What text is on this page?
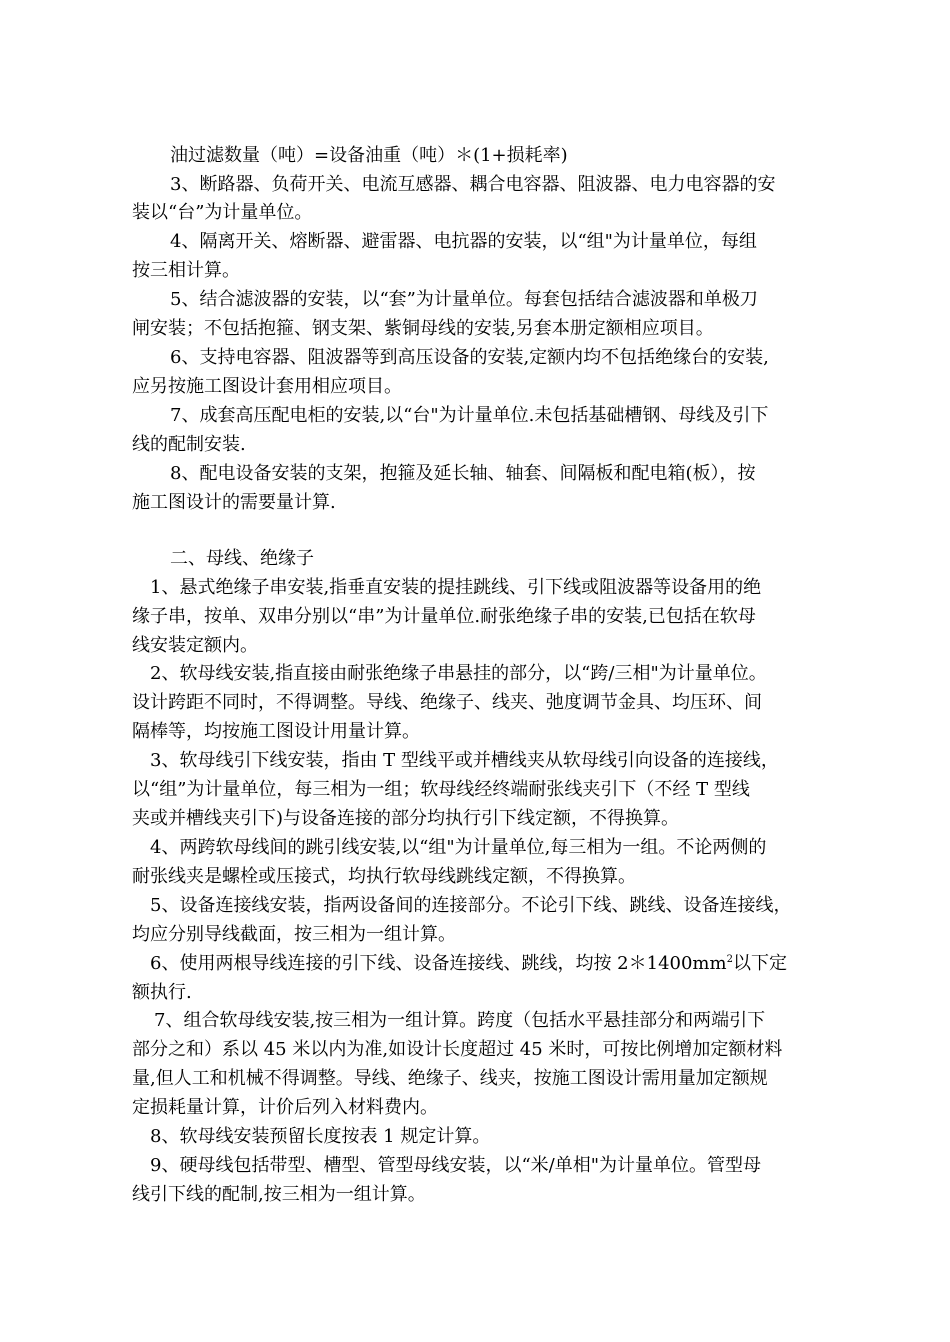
油过滤数量（吨）=设备油重（吨）＊(1+损耗率)
3、断路器、负荷开关、电流互感器、耦合电容器、阻波器、电力电容器的安
装以“台”为计量单位。
4、隔离开关、熔断器、避雷器、电抗器的安装，以“组"为计量单位，每组
按三相计算。
5、结合滤波器的安装，以“套”为计量单位。每套包括结合滤波器和单极刀
闸安装；不包括抱箍、钢支架、紫铜母线的安装,另套本册定额相应项目。
6、支持电容器、阻波器等到高压设备的安装,定额内均不包括绝缘台的安装,
应另按施工图设计套用相应项目。
7、成套高压配电柜的安装,以“台"为计量单位.未包括基础槽钢、母线及引下
线的配制安装.
8、配电设备安装的支架，抱箍及延长轴、轴套、间隔板和配电箱(板），按
施工图设计的需要量计算.
二、母线、绝缘子
1、悬式绝缘子串安装,指垂直安装的提挂跳线、引下线或阻波器等设备用的绝
缘子串，按单、双串分别以“串”为计量单位.耐张绝缘子串的安装,已包括在软母
线安装定额内。
2、软母线安装,指直接由耐张绝缘子串悬挂的部分，以“跨/三相"为计量单位。
设计跨距不同时，不得调整。导线、绝缘子、线夹、弛度调节金具、均压环、间
隔棒等，均按施工图设计用量计算。
3、软母线引下线安装，指由 T 型线平或并槽线夹从软母线引向设备的连接线，
以“组”为计量单位，每三相为一组；软母线经终端耐张线夹引下（不经 T 型线
夹或并槽线夹引下)与设备连接的部分均执行引下线定额，不得换算。
4、两跨软母线间的跳引线安装,以“组"为计量单位,每三相为一组。不论两侧的
耐张线夹是螺栓或压接式，均执行软母线跳线定额，不得换算。
5、设备连接线安装，指两设备间的连接部分。不论引下线、跳线、设备连接线，
均应分别导线截面，按三相为一组计算。
6、使用两根导线连接的引下线、设备连接线、跳线，均按 $2*1400mm^2$以下定
额执行.
7、组合软母线安装,按三相为一组计算。跨度（包括水平悬挂部分和两端引下
部分之和）系以 45 米以内为准,如设计长度超过 45 米时，可按比例增加定额材料
量,但人工和机械不得调整。导线、绝缘子、线夹，按施工图设计需用量加定额规
定损耗量计算，计价后列入材料费内。
8、软母线安装预留长度按表 1 规定计算。
9、硬母线包括带型、槽型、管型母线安装，以“米/单相"为计量单位。管型母
线引下线的配制,按三相为一组计算。
